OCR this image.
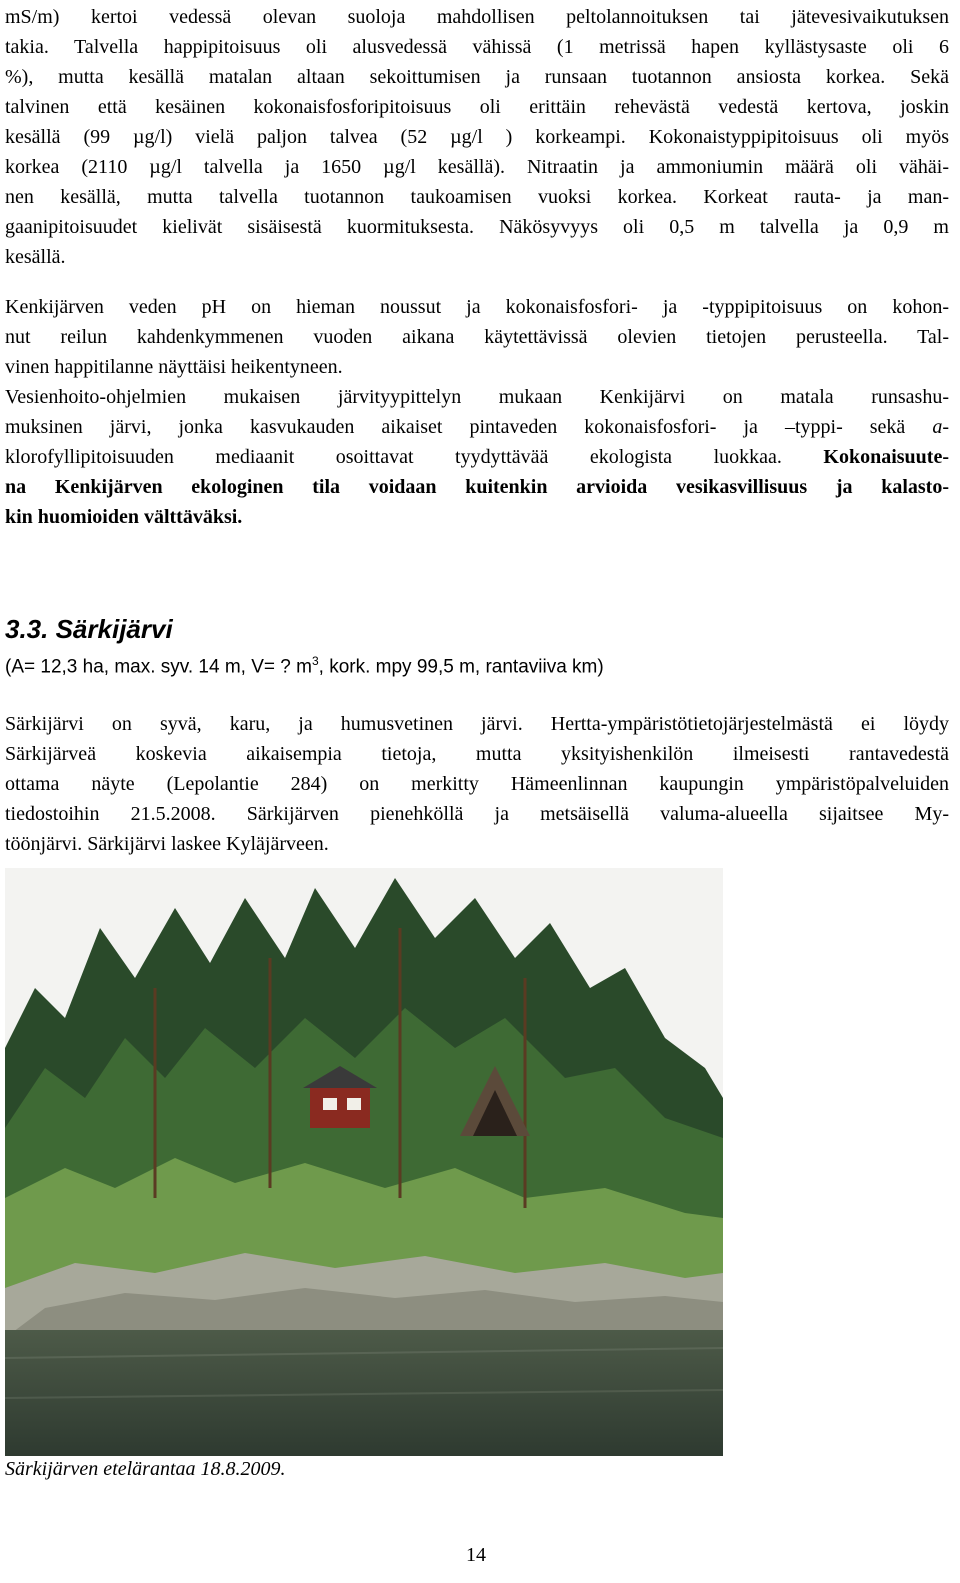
mS/m) kertoi vedessä olevan suoloja mahdollisen peltolannoituksen tai jätevesivaikutuksen
takia. Talvella happipitoisuus oli alusvedessä vähissä (1 metrissä hapen kyllästysaste oli 6
%), mutta kesällä matalan altaan sekoittumisen ja runsaan tuotannon ansiosta korkea. Sekä
talvinen että kesäinen kokonaisfosforipitoisuus oli erittäin rehevästä vedestä kertova, joskin
kesällä (99 µg/l) vielä paljon talvea (52 µg/l ) korkeampi. Kokonaistyppipitoisuus oli myös
korkea (2110 µg/l talvella ja 1650 µg/l kesällä). Nitraatin ja ammoniumin määrä oli vähäi-
nen kesällä, mutta talvella tuotannon taukoamisen vuoksi korkea. Korkeat rauta- ja man-
gaanipitoisuudet kielivät sisäisestä kuormituksesta. Näkösyvyys oli 0,5 m talvella ja 0,9 m
kesällä.

Kenkijärven veden pH on hieman noussut ja kokonaisfosfori- ja -typpipitoisuus on kohon-
nut reilun kahdenkymmenen vuoden aikana käytettävissä olevien tietojen perusteella. Tal-
vinen happitilanne näyttäisi heikentyneen.

Vesienhoito-ohjelmien mukaisen järvityypittelyn mukaan Kenkijärvi on matala runsashu-
muksinen järvi, jonka kasvukauden aikaiset pintaveden kokonaisfosfori- ja –typpi- sekä a-
klorofyllipitoisuuden mediaanit osoittavat tyydyttävää ekologista luokkaa. Kokonaisuute-
na Kenkijärven ekologinen tila voidaan kuitenkin arvioida vesikasvillisuus ja kalasto-
kin huomioiden välttäväksi.

Särkijärvi on syvä, karu, ja humusvetinen järvi. Hertta-ympäristötietojärjestelmästä ei löydy
Särkijärveä koskevia aikaisempia tietoja, mutta yksityishenkilön ilmeisesti rantavedestä
ottama näyte (Lepolantie 284) on merkitty Hämeenlinnan kaupungin ympäristöpalveluiden
tiedostoihin 21.5.2008. Särkijärven pienehköllä ja metsäisellä valuma-alueella sijaitsee My-
töönjärvi. Särkijärvi laskee Kyläjärveen.

3.3. Särkijärvi

(A= 12,3 ha, max. syv. 14 m, V= ? $m^3$, kork. mpy 99,5 m, rantaviiva km)

Särkijärven etelärantaa 18.8.2009.

14
